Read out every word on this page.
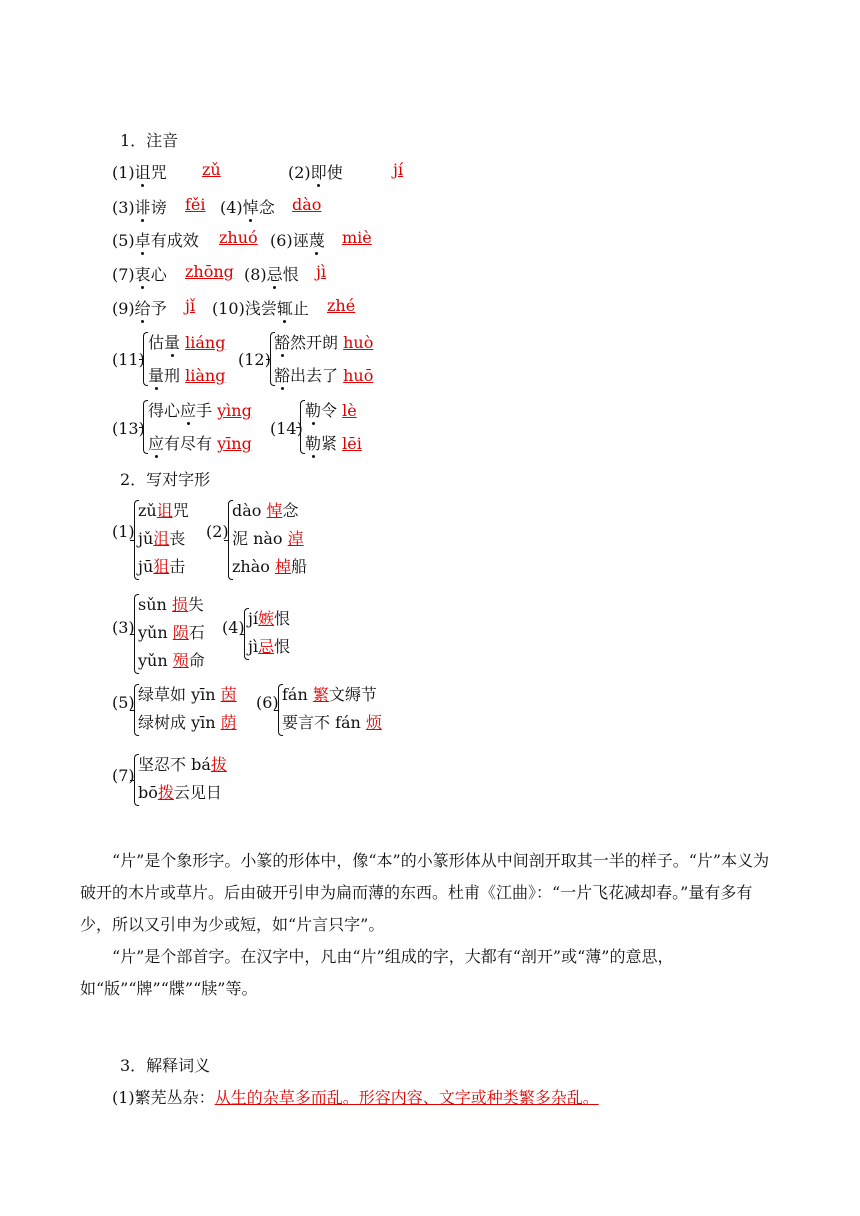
1．注音
(1)诅咒 zǔ	(2)即使	jí
(3)诽谤 fěi (4)悼念 dào
(5)卓有成效 zhuó (6)诬蔑 miè
(7)衷心 zhōng (8)忌恨 jì
(9)给予 jǐ (10)浅尝辄止 zhé
(11)
估量 liáng
量刑 liàng
(12)
豁然开朗 huò
豁出去了 huō
(13)
得心应手 yìng
应有尽有 yīng
(14)
勒令 lè
勒紧 lēi
2．写对字形
(1)
zǔ诅咒
jǔ沮丧
jū狙击
(2)
dào 悼念
泥 nào 淖
zhào 棹船
(3)
sǔn 损失
yǔn 陨石
yǔn 殒命
(4) jí嫉恨
jì忌恨
(5) 绿草如 yīn 茵
绿树成 yīn 荫
(6) fán 繁文缛节
要言不 fán 烦
(7)
坚忍不 bá拔
bō拨云见日

“片”是个象形字。小篆的形体中，像“本”的小篆形体从中间剖开取其一半的样子。“片”本义为破开的木片或草片。后由破开引申为扁而薄的东西。杜甫《江曲》：“一片飞花减却春。”量有多有少，所以又引申为少或短，如“片言只字”。

“片”是个部首字。在汉字中，凡由“片”组成的字，大都有“剖开”或“薄”的意思，如“版”“牌”“牒”“牍”等。

3．解释词义
(1)繁芜丛杂：从生的杂草多而乱。形容内容、文字或种类繁多杂乱。
